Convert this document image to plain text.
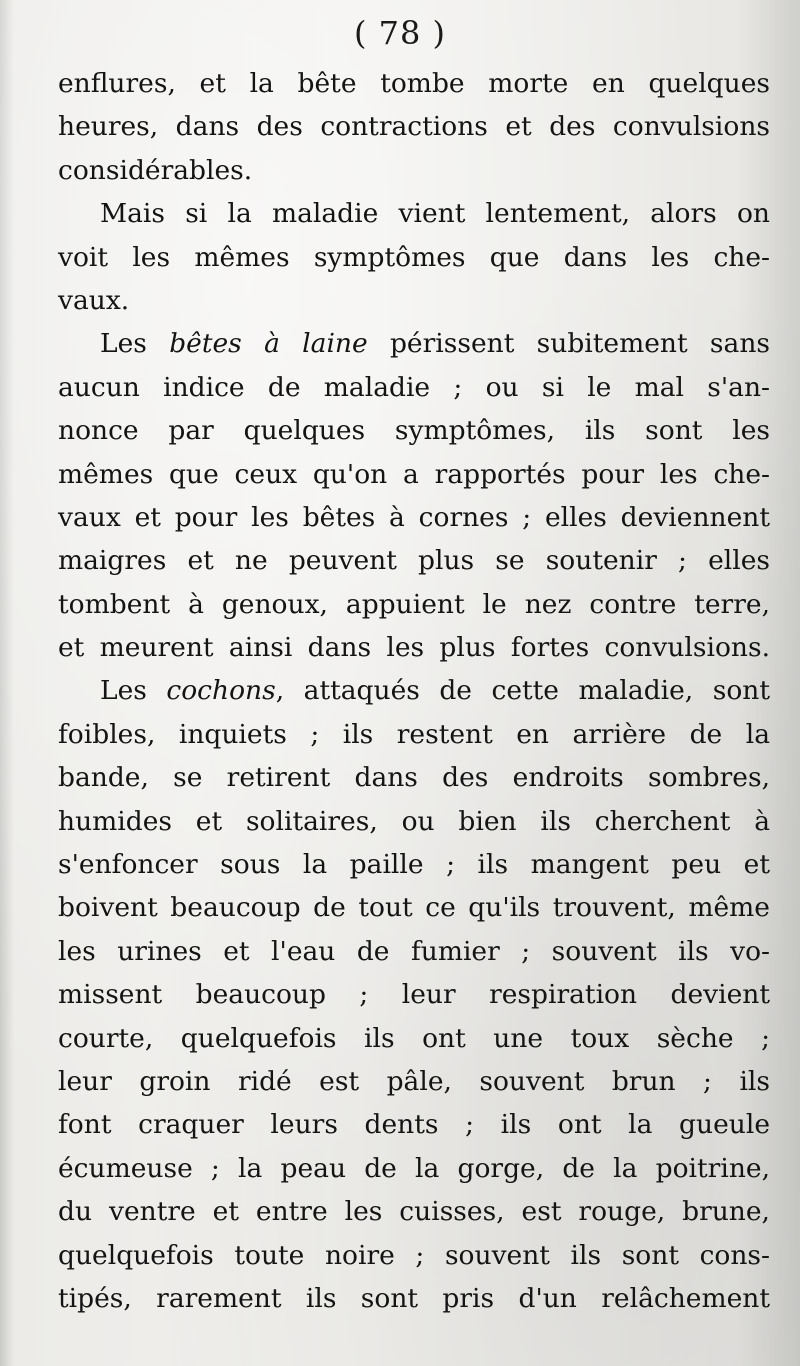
( 78 )
enflures, et la bête tombe morte en quelques
heures, dans des contractions et des convulsions
considérables.
Mais si la maladie vient lentement, alors on
voit les mêmes symptômes que dans les che-
vaux.
Les bêtes à laine périssent subitement sans
aucun indice de maladie ; ou si le mal s'an-
nonce par quelques symptômes, ils sont les
mêmes que ceux qu'on a rapportés pour les che-
vaux et pour les bêtes à cornes ; elles deviennent
maigres et ne peuvent plus se soutenir ; elles
tombent à genoux, appuient le nez contre terre,
et meurent ainsi dans les plus fortes convulsions.
Les cochons, attaqués de cette maladie, sont
foibles, inquiets ; ils restent en arrière de la
bande, se retirent dans des endroits sombres,
humides et solitaires, ou bien ils cherchent à
s'enfoncer sous la paille ; ils mangent peu et
boivent beaucoup de tout ce qu'ils trouvent, même
les urines et l'eau de fumier ; souvent ils vo-
missent beaucoup ; leur respiration devient
courte, quelquefois ils ont une toux sèche ;
leur groin ridé est pâle, souvent brun ; ils
font craquer leurs dents ; ils ont la gueule
écumeuse ; la peau de la gorge, de la poitrine,
du ventre et entre les cuisses, est rouge, brune,
quelquefois toute noire ; souvent ils sont cons-
tipés, rarement ils sont pris d'un relâchement
